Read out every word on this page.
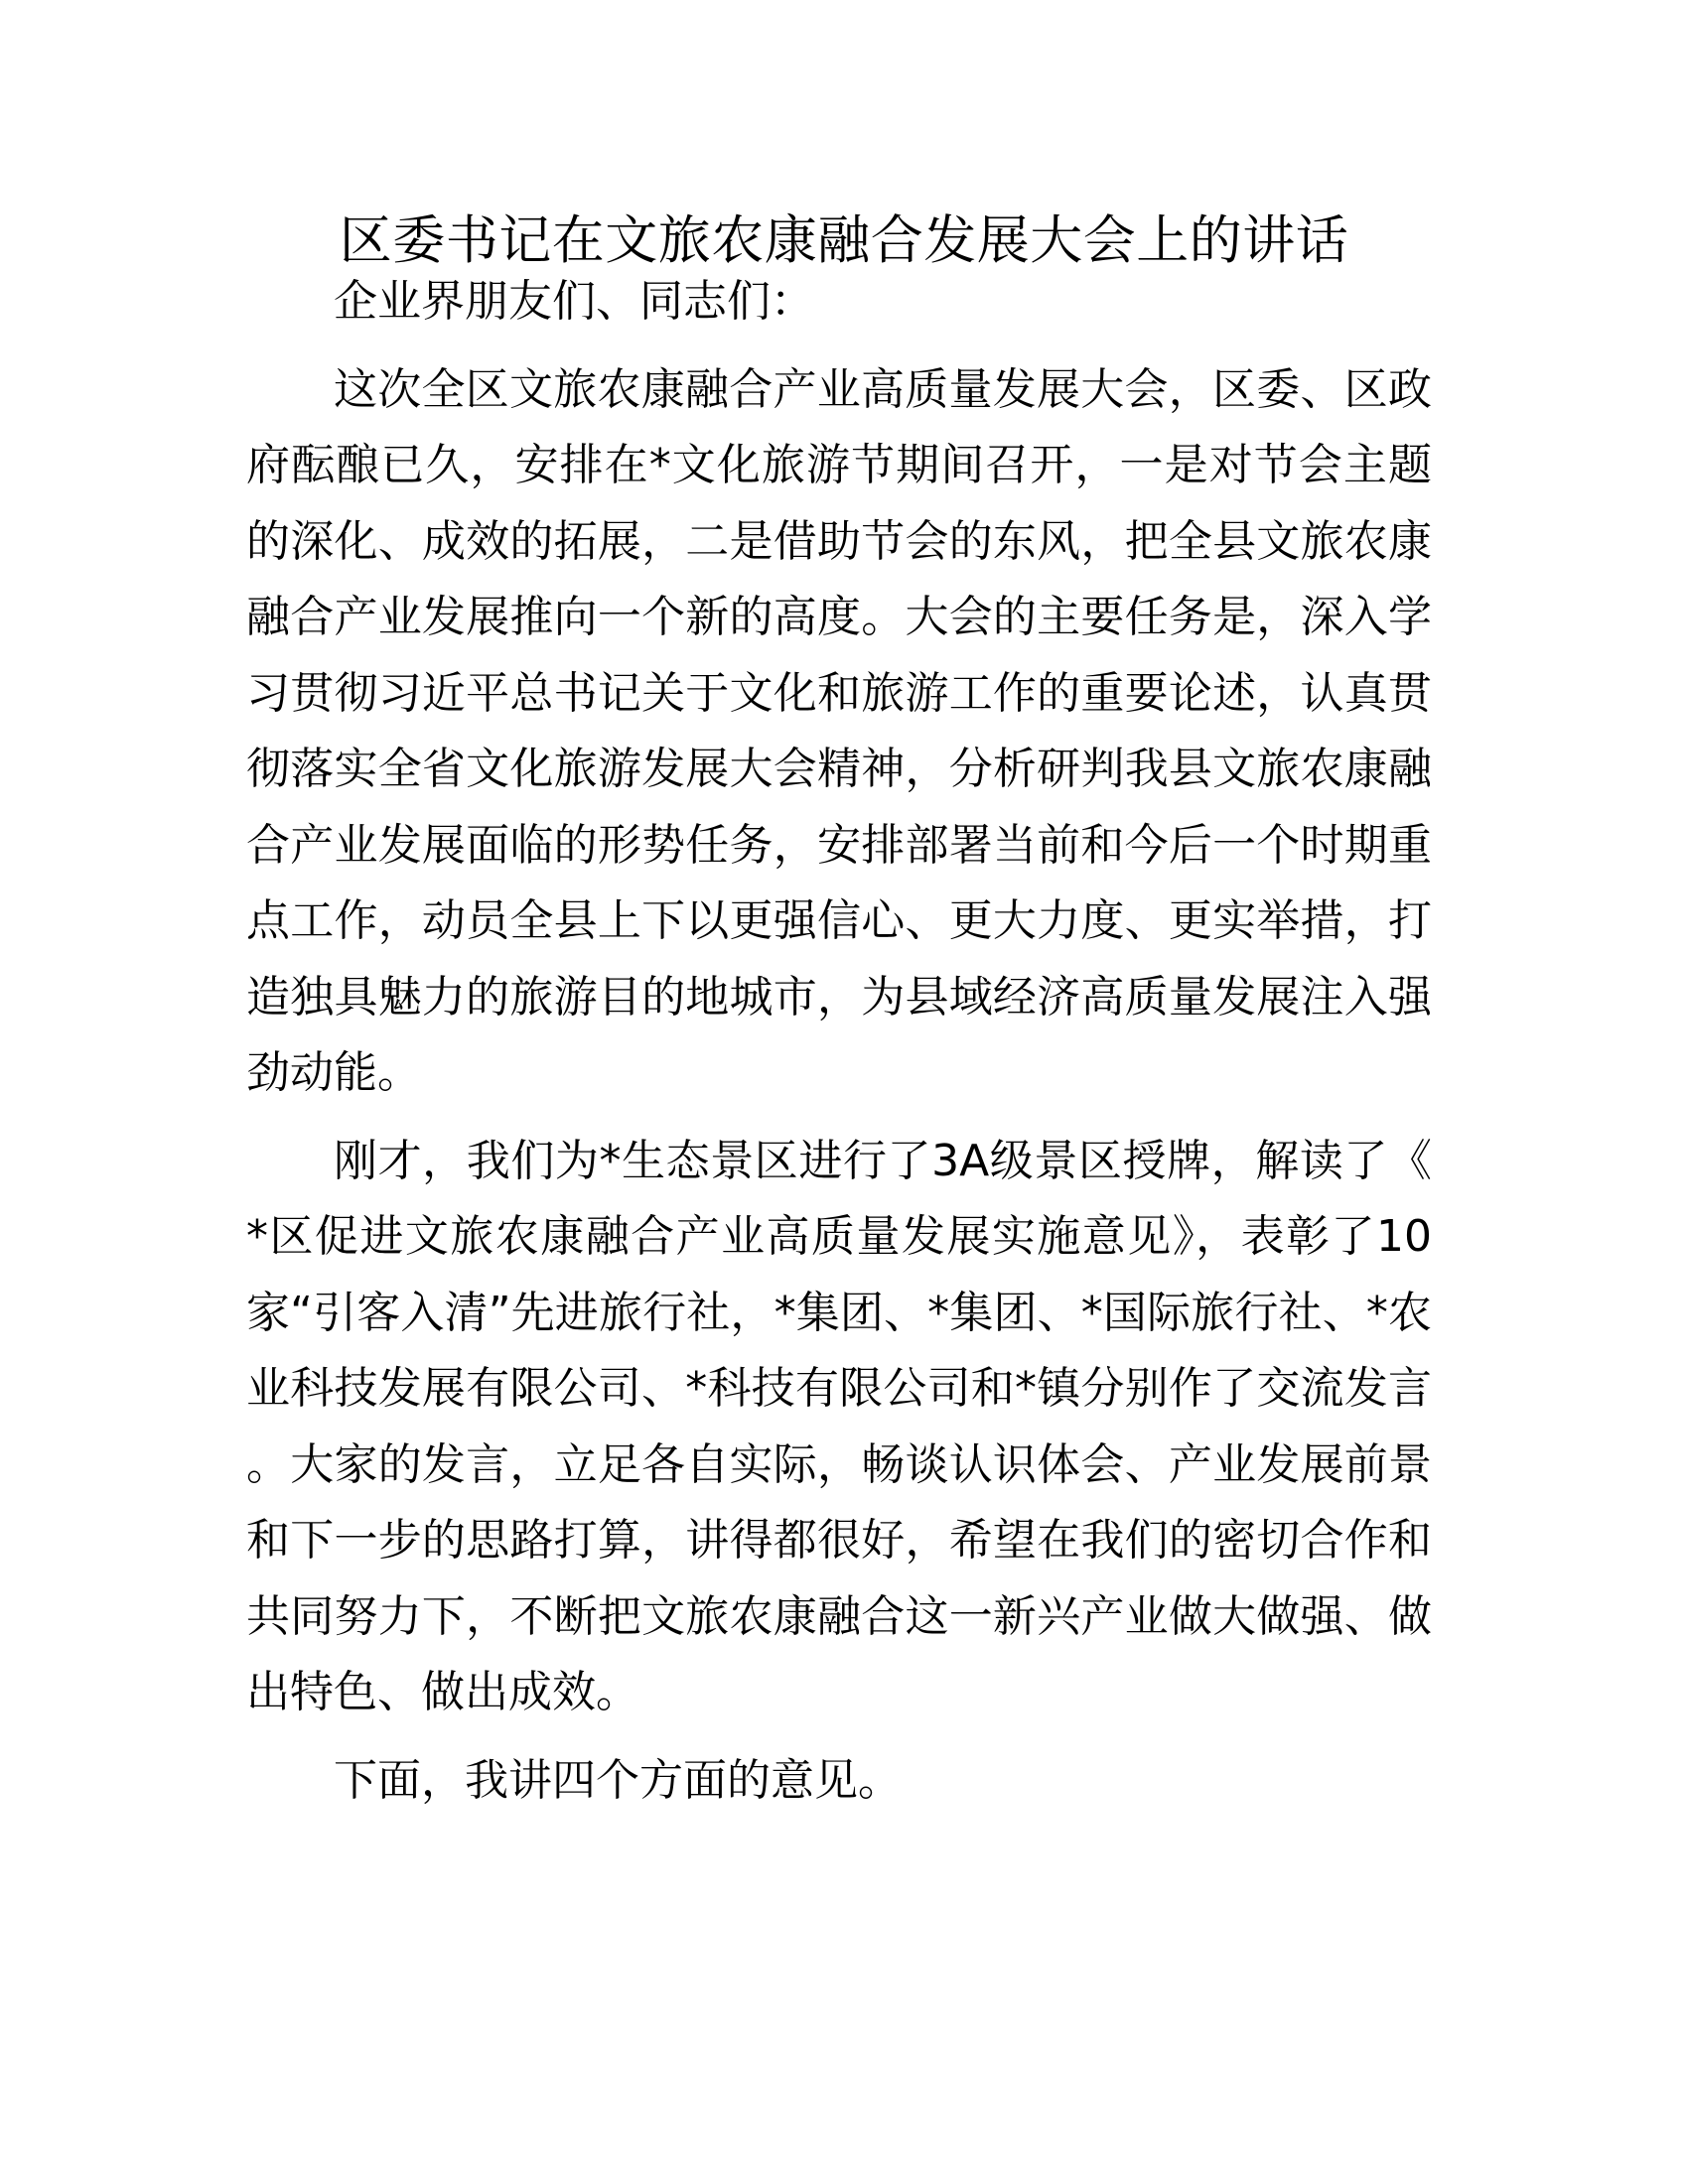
区委书记在文旅农康融合发展大会上的讲话

企业界朋友们、同志们：

这次全区文旅农康融合产业高质量发展大会，区委、区政府酝酿已久，安排在*文化旅游节期间召开，一是对节会主题的深化、成效的拓展，二是借助节会的东风，把全县文旅农康融合产业发展推向一个新的高度。大会的主要任务是，深入学习贯彻习近平总书记关于文化和旅游工作的重要论述，认真贯彻落实全省文化旅游发展大会精神，分析研判我县文旅农康融合产业发展面临的形势任务，安排部署当前和今后一个时期重点工作，动员全县上下以更强信心、更大力度、更实举措，打造独具魅力的旅游目的地城市，为县域经济高质量发展注入强劲动能。

刚才，我们为*生态景区进行了3A级景区授牌，解读了《*区促进文旅农康融合产业高质量发展实施意见》，表彰了10家“引客入清”先进旅行社，*集团、*集团、*国际旅行社、*农业科技发展有限公司、*科技有限公司和*镇分别作了交流发言。大家的发言，立足各自实际，畅谈认识体会、产业发展前景和下一步的思路打算，讲得都很好，希望在我们的密切合作和共同努力下，不断把文旅农康融合这一新兴产业做大做强、做出特色、做出成效。

下面，我讲四个方面的意见。
